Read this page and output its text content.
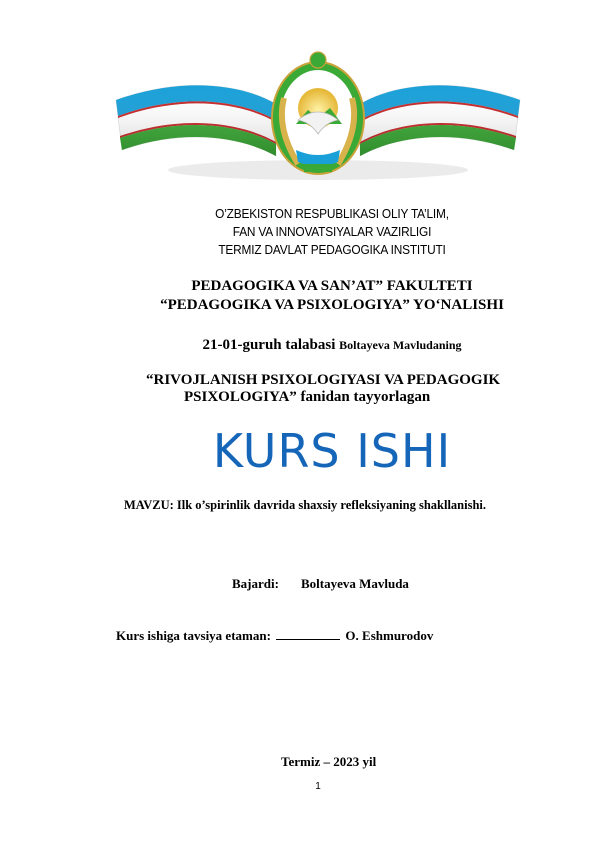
O’ZBEKISTON RESPUBLIKASI OLIY TA’LIM,
FAN VA INNOVATSIYALAR VAZIRLIGI
TERMIZ DAVLAT PEDAGOGIKA INSTITUTI
PEDAGOGIKA VA SAN’AT” FAKULTETI
“PEDAGOGIKA VA PSIXOLOGIYA” YO‘NALISHI
21-01-guruh talabasi Boltayeva Mavludaning
“RIVOJLANISH PSIXOLOGIYASI VA PEDAGOGIK
PSIXOLOGIYA” fanidan tayyorlagan
KURS ISHI
MAVZU: Ilk o’spirinlik davrida shaxsiy refleksiyaning shakllanishi.
Bajardi: Boltayeva Mavluda
Kurs ishiga tavsiya etaman:	O. Eshmurodov
Termiz – 2023 yil
1
